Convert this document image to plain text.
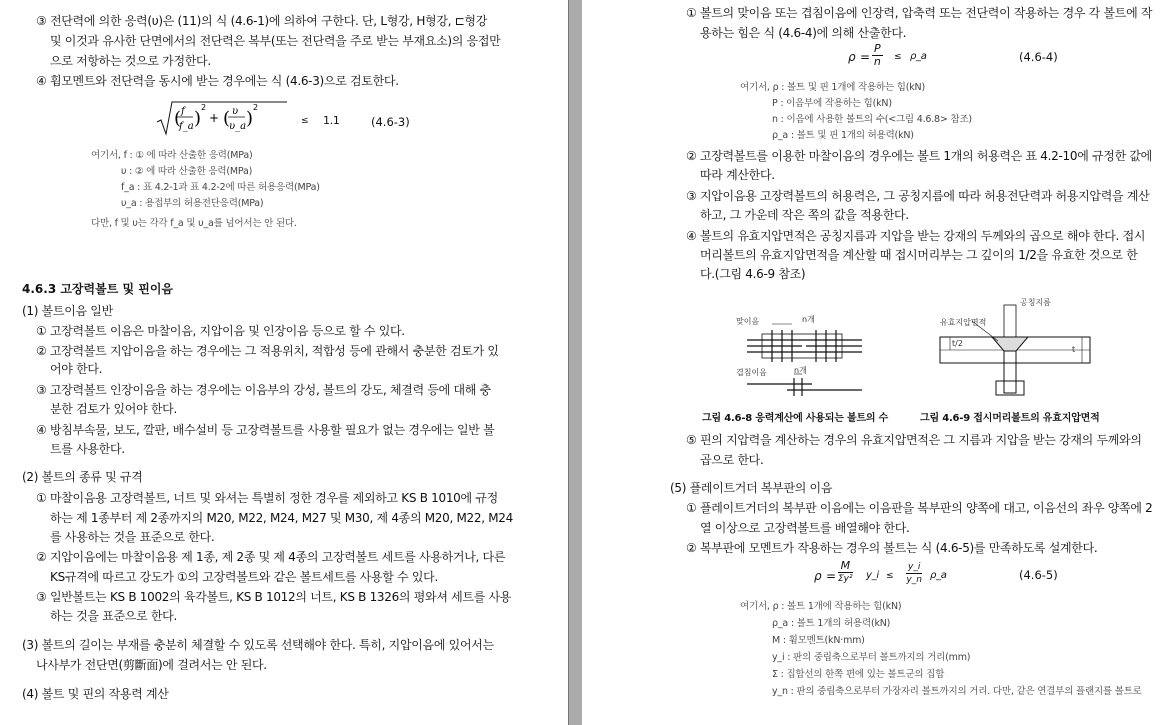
③ 전단력에 의한 응력(υ)은 (11)의 식 (4.6-1)에 의하여 구한다. 단, L형강, H형강, ⊏형강
및 이것과 유사한 단면에서의 전단력은 복부(또는 전단력을 주로 받는 부재요소)의 응접만
으로 저항하는 것으로 가정한다.
④ 휨모멘트와 전단력을 동시에 받는 경우에는 식 (4.6-3)으로 검토한다.
f
f_a
( )
2
+ ( υ
υ_a )
2
≤ 1.1	(4.6-3)
여기서, f : ① 에 따라 산출한 응력(MPa)
υ : ② 에 따라 산출한 응력(MPa)
f_a : 표 4.2-1과 표 4.2-2에 따른 허용응력(MPa)
υ_a : 용접부의 허용전단응력(MPa)
다만, f 및 υ는 각각 f_a 및 υ_a를 넘어서는 안 된다.
4.6.3 고장력볼트 및 핀이음
(1) 볼트이음 일반
① 고장력볼트 이음은 마찰이음, 지압이음 및 인장이음 등으로 할 수 있다.
② 고장력볼트 지압이음을 하는 경우에는 그 적용위치, 적합성 등에 관해서 충분한 검토가 있
어야 한다.
③ 고장력볼트 인장이음을 하는 경우에는 이음부의 강성, 볼트의 강도, 체결력 등에 대해 충
분한 검토가 있어야 한다.
④ 방침부속물, 보도, 깔판, 배수설비 등 고장력볼트를 사용할 필요가 없는 경우에는 일반 볼
트를 사용한다.
(2) 볼트의 종류 및 규격
① 마찰이음용 고장력볼트, 너트 및 와셔는 특별히 정한 경우를 제외하고 KS B 1010에 규정
하는 제 1종부터 제 2종까지의 M20, M22, M24, M27 및 M30, 제 4종의 M20, M22, M24
를 사용하는 것을 표준으로 한다.
② 지압이음에는 마찰이음용 제 1종, 제 2종 및 제 4종의 고장력볼트 세트를 사용하거나, 다른
KS규격에 따르고 강도가 ①의 고장력볼트와 같은 볼트세트를 사용할 수 있다.
③ 일반볼트는 KS B 1002의 육각볼트, KS B 1012의 너트, KS B 1326의 평와셔 세트를 사용
하는 것을 표준으로 한다.
(3) 볼트의 길이는 부재를 충분히 체결할 수 있도록 선택해야 한다. 특히, 지압이음에 있어서는
나사부가 전단면(剪斷面)에 걸려서는 안 된다.
(4) 볼트 및 핀의 작용력 계산
① 볼트의 맞이음 또는 겹침이음에 인장력, 압축력 또는 전단력이 작용하는 경우 각 볼트에 작
용하는 힘은 식 (4.6-4)에 의해 산출한다.
$\rho = \frac{P}{n}$ ≤ ρ_a	(4.6-4)
여기서, ρ : 볼트 및 핀 1개에 작용하는 힘(kN)
P : 이음부에 작용하는 힘(kN)
n : 이음에 사용한 볼트의 수(<그림 4.6.8> 참조)
ρ_a : 볼트 및 핀 1개의 허용력(kN)
② 고장력볼트를 이용한 마찰이음의 경우에는 볼트 1개의 허용력은 표 4.2-10에 규정한 값에
따라 계산한다.
③ 지압이음용 고장력볼트의 허용력은, 그 공칭지름에 따라 허용전단력과 허용지압력을 계산
하고, 그 가운데 작은 쪽의 값을 적용한다.
④ 볼트의 유효지압면적은 공칭지름과 지압을 받는 강재의 두께와의 곱으로 해야 한다. 접시
머리볼트의 유효지압면적을 계산할 때 접시머리부는 그 깊이의 1/2을 유효한 것으로 한
다.(그림 4.6-9 참조)
맞이음	n개
겹침이음	n개
공칭지름
유효지압면적
t/2
t
그림 4.6-8 응력계산에 사용되는 볼트의 수	그림 4.6-9 접시머리볼트의 유효지압면적
⑤ 핀의 지압력을 계산하는 경우의 유효지압면적은 그 지름과 지압을 받는 강재의 두께와의
곱으로 한다.
(5) 플레이트거더 복부판의 이음
① 플레이트거더의 복부판 이음에는 이음판을 복부판의 양쪽에 대고, 이음선의 좌우 양쪽에 2
열 이상으로 고장력볼트를 배열해야 한다.
② 복부판에 모멘트가 작용하는 경우의 볼트는 식 (4.6-5)를 만족하도록 설계한다.
ρ =
M
Σy² y_i ≤ $\frac{y\_i}{y\_n}$ ρ_a	(4.6-5)
여기서, ρ : 볼트 1개에 작용하는 힘(kN)
ρ_a : 볼트 1개의 허용력(kN)
M : 휨모멘트(kN·mm)
y_i : 판의 중립축으로부터 볼트까지의 거리(mm)
Σ : 집합선의 한쪽 편에 있는 볼트군의 집합
y_n : 판의 중립축으로부터 가장자리 볼트까지의 거리. 다만, 같은 연결부의 플랜지를 볼트로
